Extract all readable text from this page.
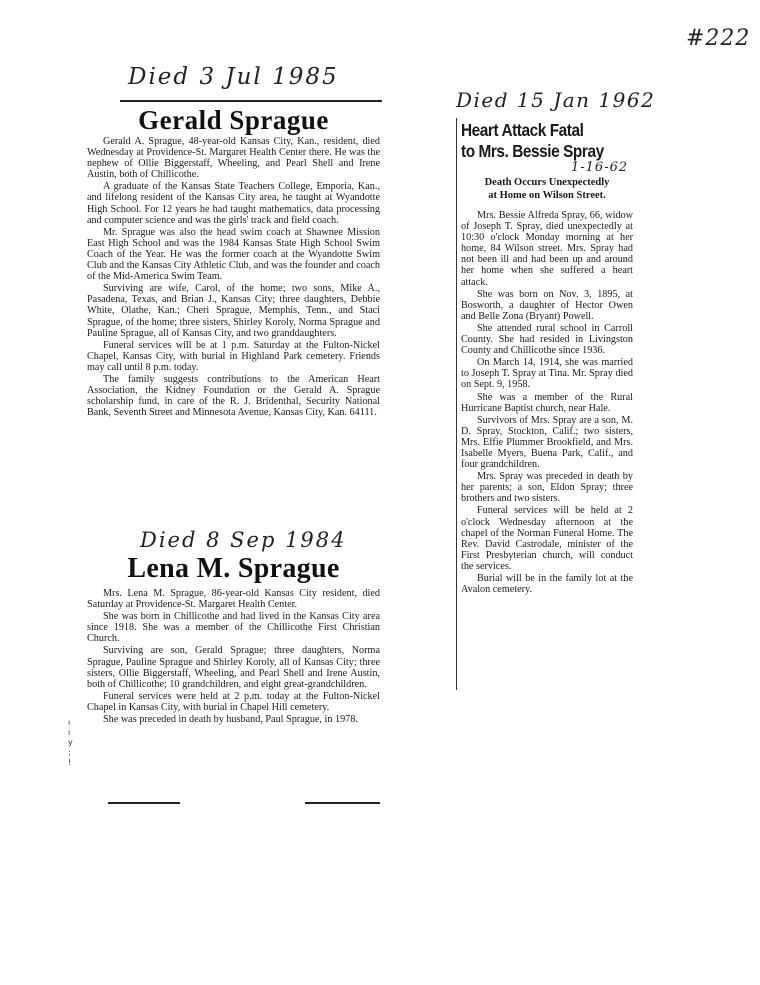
#222
Died 3 Jul 1985
Gerald Sprague

Gerald A. Sprague, 48-year-old Kansas City, Kan., resident, died Wednesday at Providence-St. Margaret Health Center there. He was the nephew of Ollie Biggerstaff, Wheeling, and Pearl Shell and Irene Austin, both of Chillicothe.

A graduate of the Kansas State Teachers College, Emporia, Kan., and lifelong resident of the Kansas City area, he taught at Wyandotte High School. For 12 years he had taught mathematics, data processing and computer science and was the girls' track and field coach.

Mr. Sprague was also the head swim coach at Shawnee Mission East High School and was the 1984 Kansas State High School Swim Coach of the Year. He was the former coach at the Wyandotte Swim Club and the Kansas City Athletic Club, and was the founder and coach of the Mid-America Swim Team.

Surviving are wife, Carol, of the home; two sons, Mike A., Pasadena, Texas, and Brian J., Kansas City; three daughters, Debbie White, Olathe, Kan.; Cheri Sprague, Memphis, Tenn., and Staci Sprague, of the home; three sisters, Shirley Koroly, Norma Sprague and Pauline Sprague, all of Kansas City, and two granddaughters.

Funeral services will be at 1 p.m. Saturday at the Fulton-Nickel Chapel, Kansas City, with burial in Highland Park cemetery. Friends may call until 8 p.m. today.

The family suggests contributions to the American Heart Association, the Kidney Foundation or the Gerald A. Sprague scholarship fund, in care of the R. J. Bridenthal, Security National Bank, Seventh Street and Minnesota Avenue, Kansas City, Kan. 64111.

Died 8 Sep 1984
Lena M. Sprague

Mrs. Lena M. Sprague, 86-year-old Kansas City resident, died Saturday at Providence-St. Margaret Health Center.

She was born in Chillicothe and had lived in the Kansas City area since 1918. She was a member of the Chillicothe First Christian Church.

Surviving are son, Gerald Sprague; three daughters, Norma Sprague, Pauline Sprague and Shirley Koroly, all of Kansas City; three sisters, Ollie Biggerstaff, Wheeling, and Pearl Shell and Irene Austin, both of Chillicothe; 10 grandchildren, and eight great-grandchildren.

Funeral services were held at 2 p.m. today at the Fulton-Nickel Chapel in Kansas City, with burial in Chapel Hill cemetery.

She was preceded in death by husband, Paul Sprague, in 1978.

ı
ı
y
;
!
Died 15 Jan 1962
Heart Attack Fatal
to Mrs. Bessie Spray
1-16-62
Death Occurs Unexpectedly
at Home on Wilson Street.

Mrs. Bessie Alfreda Spray, 66, widow of Joseph T. Spray, died unexpectedly at 10:30 o'clock Monday morning at her home, 84 Wilson street. Mrs. Spray had not been ill and had been up and around her home when she suffered a heart attack.

She was born on Nov. 3, 1895, at Bosworth, a daughter of Hector Owen and Belle Zona (Bryant) Powell.

She attended rural school in Carroll County. She had resided in Livingston County and Chillicothe since 1936.

On March 14, 1914, she was married to Joseph T. Spray at Tina. Mr. Spray died on Sept. 9, 1958.

She was a member of the Rural Hurricane Baptist church, near Hale.

Survivors of Mrs. Spray are a son, M. D. Spray, Stockton, Calif.; two sisters, Mrs. Effie Plummer Brookfield, and Mrs. Isabelle Myers, Buena Park, Calif., and four grandchildren.

Mrs. Spray was preceded in death by her parents; a son, Eldon Spray; three brothers and two sisters.

Funeral services will be held at 2 o'clock Wednesday afternoon at the chapel of the Norman Funeral Home. The Rev. David Castrodale, minister of the First Presbyterian church, will conduct the services.

Burial will be in the family lot at the Avalon cemetery.
